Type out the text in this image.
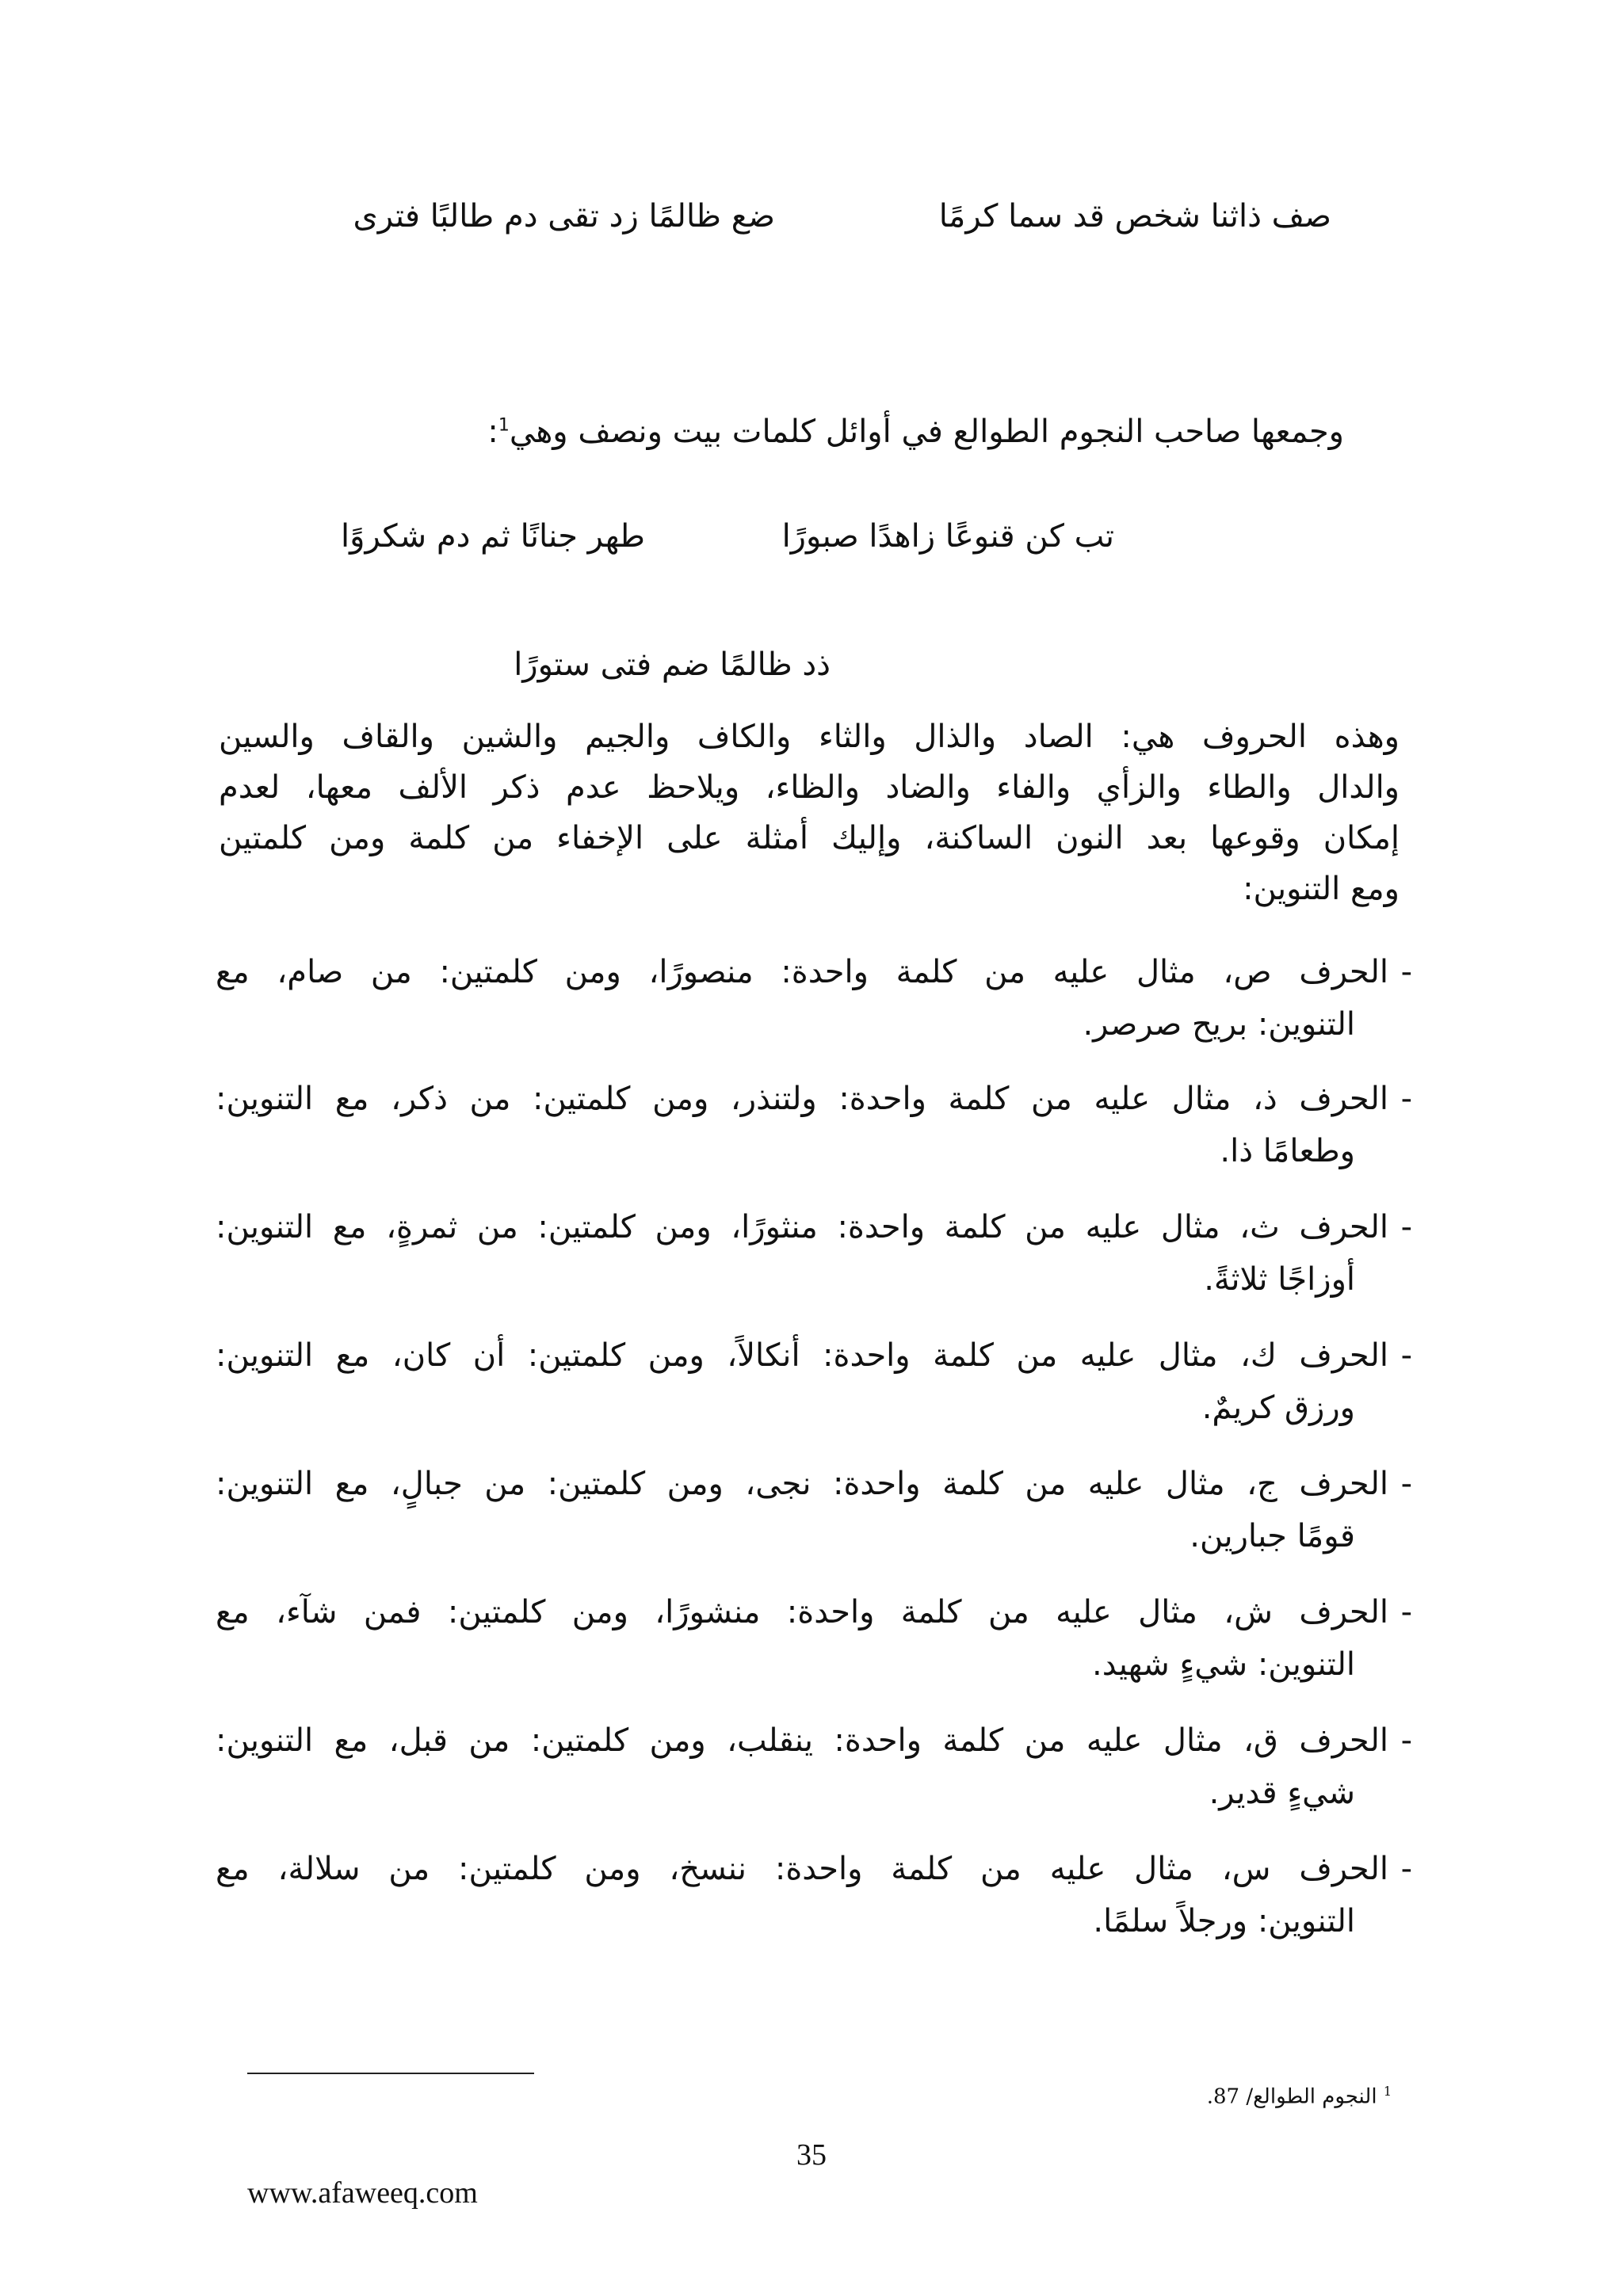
صف ذاثنا شخص قد سما كرمًا
ضع ظالمًا زد تقى دم طالبًا فترى
وجمعها صاحب النجوم الطوالع في أوائل كلمات بيت ونصف وهي$^1$:
تب كن قنوعًا زاهدًا صبورًا
طهر جنانًا ثم دم شكروًا
ذد ظالمًا ضم فتى ستورًا
وهذه الحروف هي: الصاد والذال والثاء والكاف والجيم والشين والقاف والسين
والدال والطاء والزأي والفاء والضاد والظاء، ويلاحظ عدم ذكر الألف معها، لعدم
إمكان وقوعها بعد النون الساكنة، وإليك أمثلة على الإخفاء من كلمة ومن كلمتين
ومع التنوين:
-
الحرف ص، مثال عليه من كلمة واحدة: منصورًا، ومن كلمتين: من صام، مع
التنوين: بريح صرصر.
-
الحرف ذ، مثال عليه من كلمة واحدة: ولتنذر، ومن كلمتين: من ذكر، مع التنوين:
وطعامًا ذا.
-
الحرف ث، مثال عليه من كلمة واحدة: منثورًا، ومن كلمتين: من ثمرةٍ، مع التنوين:
أوزاجًا ثلاثةً.
-
الحرف ك، مثال عليه من كلمة واحدة: أنكالاً، ومن كلمتين: أن كان، مع التنوين:
ورزق كريمٌ.
-
الحرف ج، مثال عليه من كلمة واحدة: نجى، ومن كلمتين: من جبالٍ، مع التنوين:
قومًا جبارين.
-
الحرف ش، مثال عليه من كلمة واحدة: منشورًا، ومن كلمتين: فمن شآء، مع
التنوين: شيءٍ شهيد.
-
الحرف ق، مثال عليه من كلمة واحدة: ينقلب، ومن كلمتين: من قبل، مع التنوين:
شيءٍ قدير.
-
الحرف س، مثال عليه من كلمة واحدة: ننسخ، ومن كلمتين: من سلالة، مع
التنوين: ورجلاً سلمًا.
$^1$ النجوم الطوالع/ 87.
35
www.afaweeq.com
